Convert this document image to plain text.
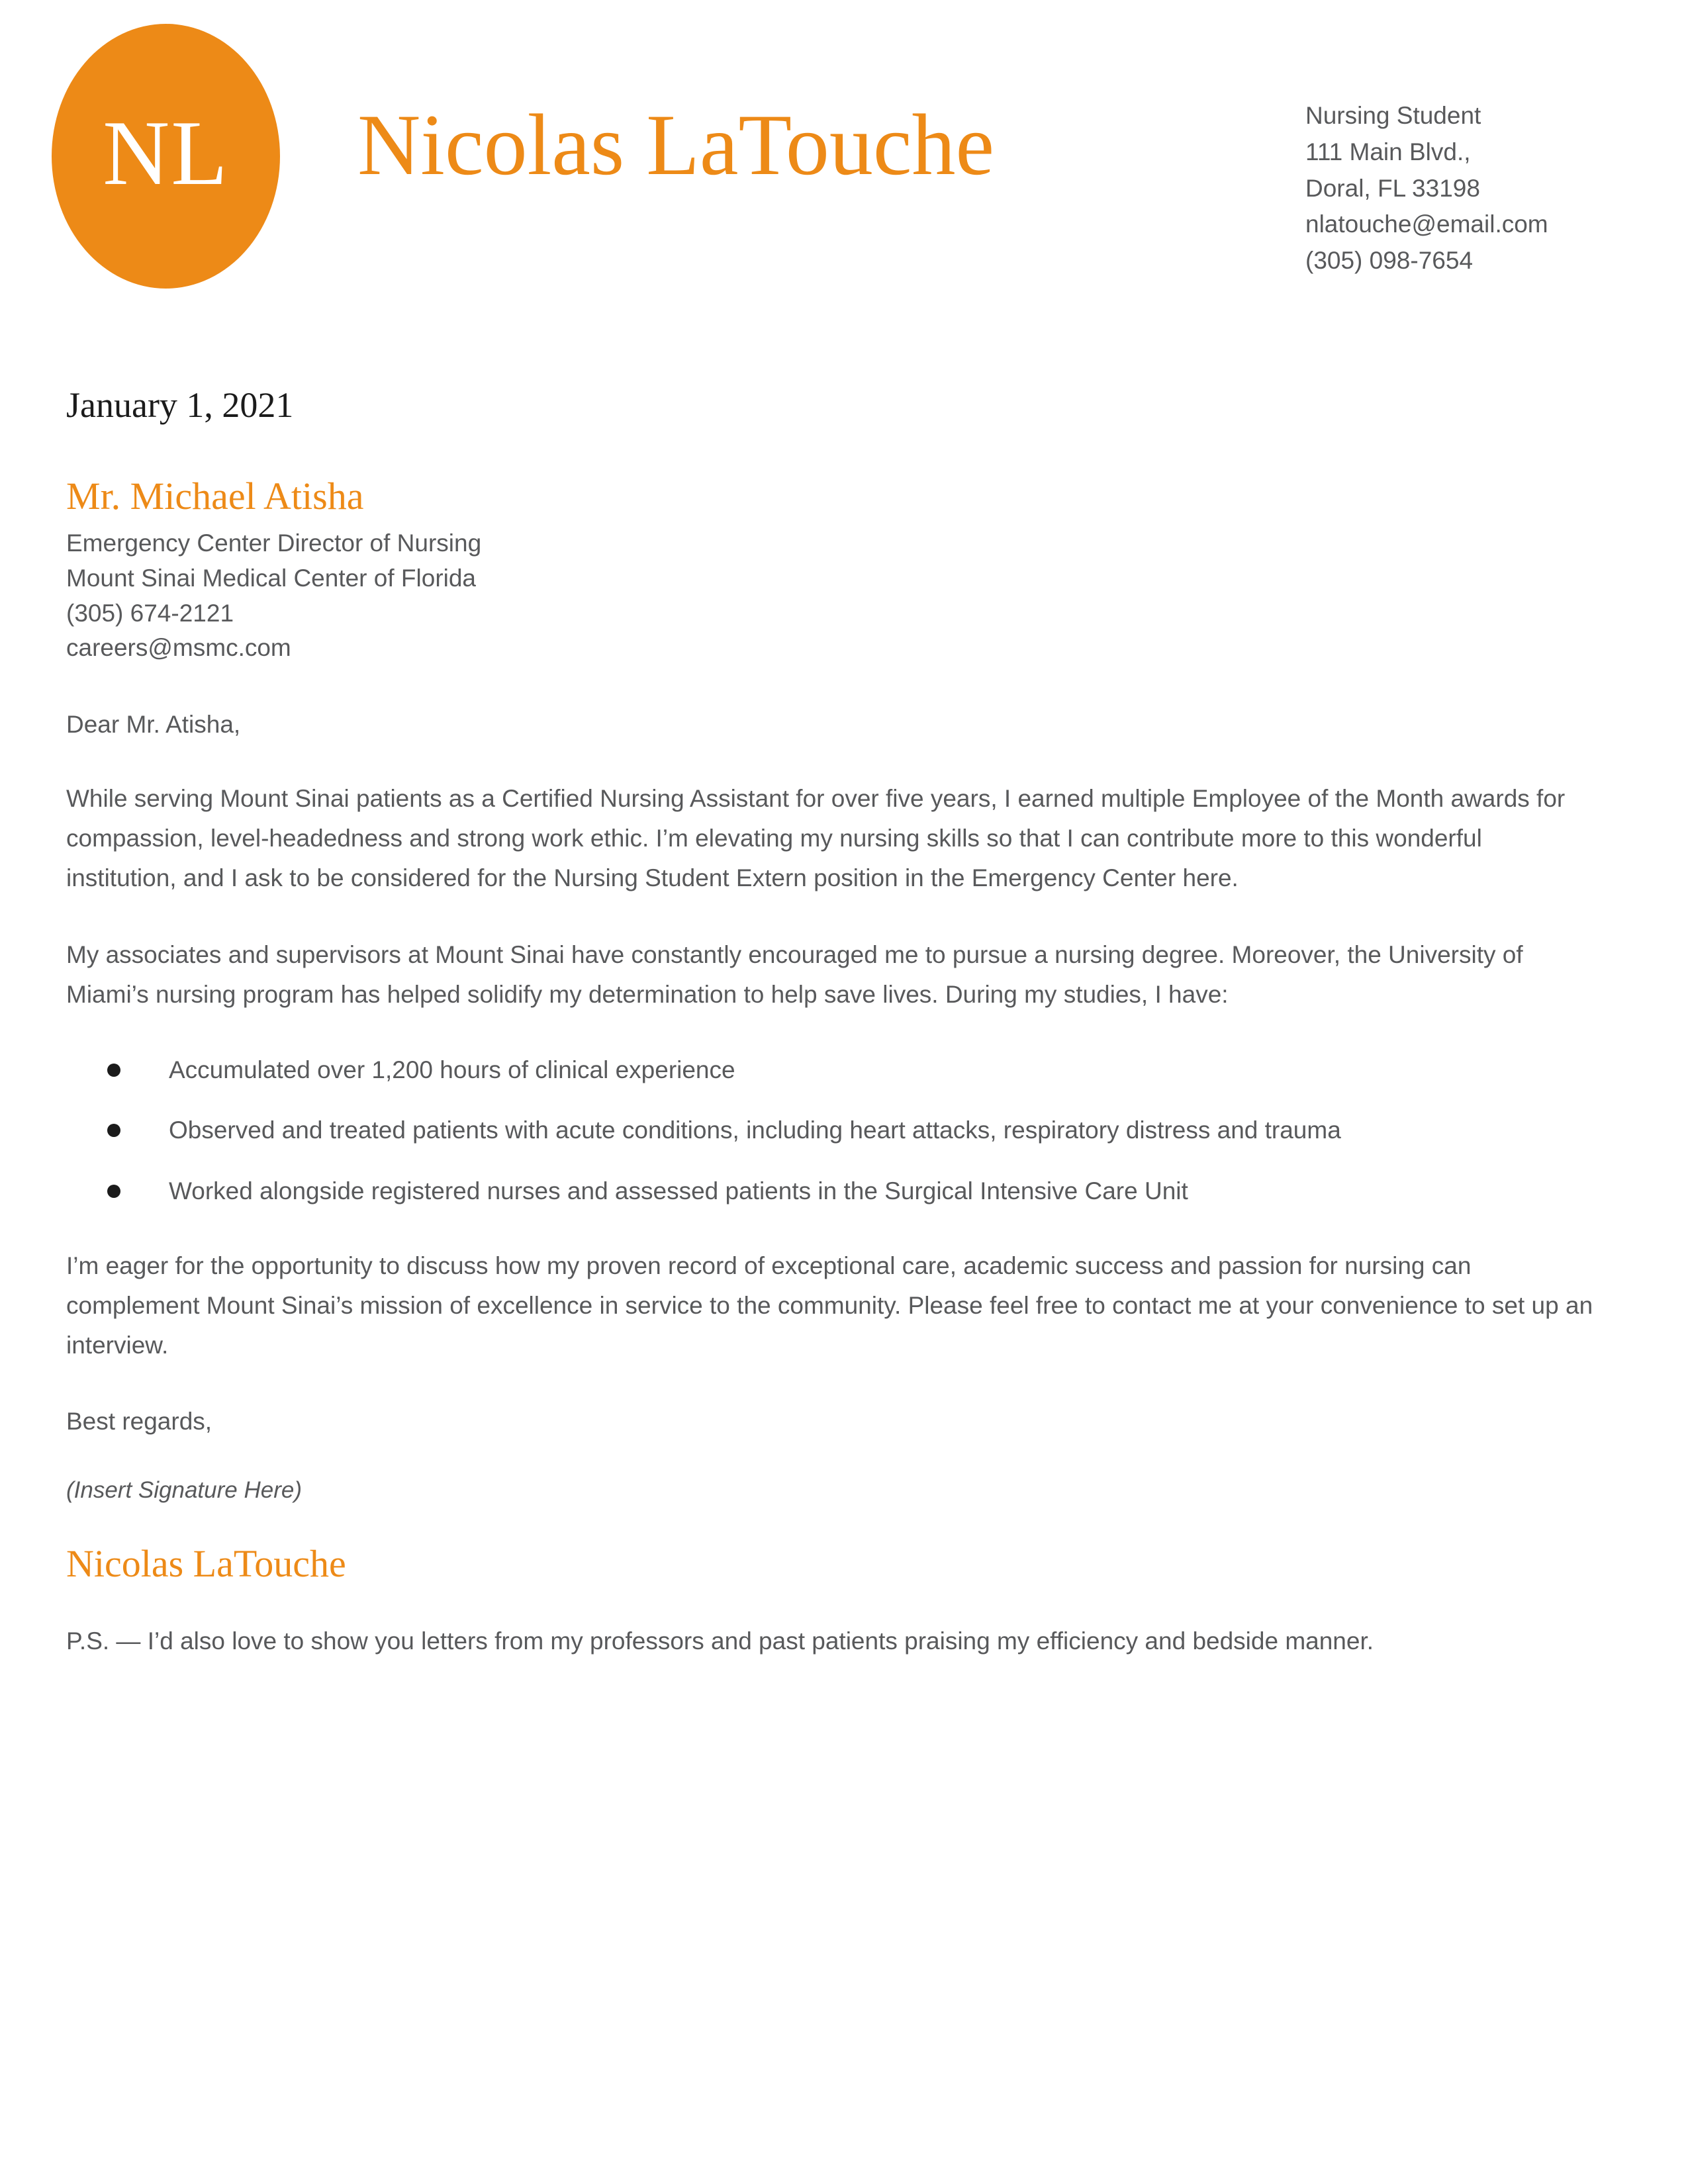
NL Nicolas LaTouche	Nursing Student
111 Main Blvd.,
Doral, FL 33198
nlatouche@email.com
(305) 098-7654
January 1, 2021
Mr. Michael Atisha
Emergency Center Director of Nursing
Mount Sinai Medical Center of Florida
(305) 674-2121
careers@msmc.com
Dear Mr. Atisha,

While serving Mount Sinai patients as a Certified Nursing Assistant for over five years, I earned multiple Employee of the Month awards for compassion, level-headedness and strong work ethic. I’m elevating my nursing skills so that I can contribute more to this wonderful institution, and I ask to be considered for the Nursing Student Extern position in the Emergency Center here.

My associates and supervisors at Mount Sinai have constantly encouraged me to pursue a nursing degree. Moreover, the University of Miami’s nursing program has helped solidify my determination to help save lives. During my studies, I have:

Accumulated over 1,200 hours of clinical experience
Observed and treated patients with acute conditions, including heart attacks, respiratory distress and trauma
Worked alongside registered nurses and assessed patients in the Surgical Intensive Care Unit

I’m eager for the opportunity to discuss how my proven record of exceptional care, academic success and passion for nursing can complement Mount Sinai’s mission of excellence in service to the community. Please feel free to contact me at your convenience to set up an interview.

Best regards,
(Insert Signature Here)
Nicolas LaTouche
P.S. — I’d also love to show you letters from my professors and past patients praising my efficiency and bedside manner.
